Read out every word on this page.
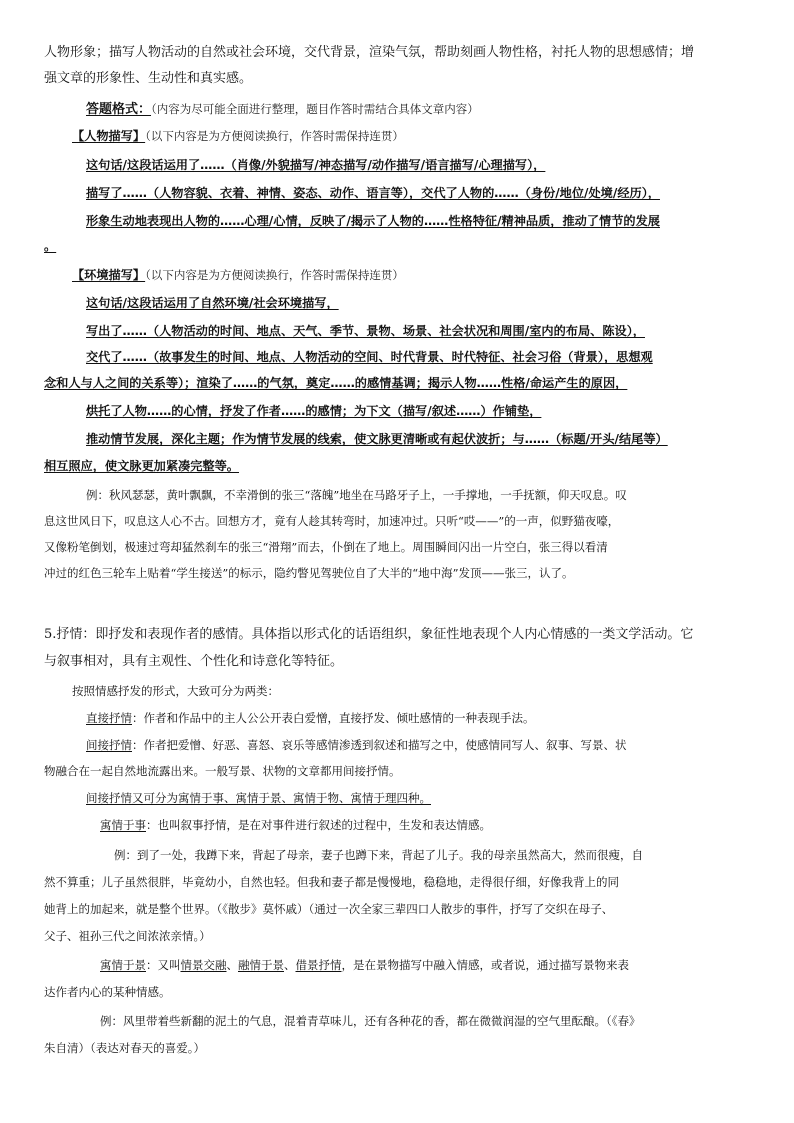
人物形象；描写人物活动的自然或社会环境，交代背景，渲染气氛，帮助刻画人物性格，衬托人物的思想感情；增
强文章的形象性、生动性和真实感。
答题格式：（内容为尽可能全面进行整理，题目作答时需结合具体文章内容）
【人物描写】（以下内容是为方便阅读换行，作答时需保持连贯）
这句话/这段话运用了……（肖像/外貌描写/神态描写/动作描写/语言描写/心理描写），
描写了……（人物容貌、衣着、神情、姿态、动作、语言等），交代了人物的……（身份/地位/处境/经历），
形象生动地表现出人物的……心理/心情，反映了/揭示了人物的……性格特征/精神品质，推动了情节的发展
。
【环境描写】（以下内容是为方便阅读换行，作答时需保持连贯）
这句话/这段话运用了自然环境/社会环境描写，
写出了……（人物活动的时间、地点、天气、季节、景物、场景、社会状况和周围/室内的布局、陈设），
交代了……（故事发生的时间、地点、人物活动的空间、时代背景、时代特征、社会习俗（背景），思想观
念和人与人之间的关系等）；渲染了……的气氛，奠定……的感情基调；揭示人物……性格/命运产生的原因，
烘托了人物……的心情，抒发了作者……的感情；为下文（描写/叙述……）作铺垫，
推动情节发展，深化主题；作为情节发展的线索，使文脉更清晰或有起伏波折；与……（标题/开头/结尾等）
相互照应，使文脉更加紧凑完整等。
例：秋风瑟瑟，黄叶飘飘，不幸滑倒的张三“落魄”地坐在马路牙子上，一手撑地，一手抚额，仰天叹息。叹
息这世风日下，叹息这人心不古。回想方才，竟有人趁其转弯时，加速冲过。只听“哎——”的一声，似野猫夜嚎，
又像粉笔倒划，极速过弯却猛然刹车的张三“滑翔”而去，仆倒在了地上。周围瞬间闪出一片空白，张三得以看清
冲过的红色三轮车上贴着“学生接送”的标示，隐约瞥见驾驶位自了大半的“地中海”发顶——张三，认了。
5.抒情：即抒发和表现作者的感情。具体指以形式化的话语组织，象征性地表现个人内心情感的一类文学活动。它
与叙事相对，具有主观性、个性化和诗意化等特征。
按照情感抒发的形式，大致可分为两类：
直接抒情：作者和作品中的主人公公开表白爱憎，直接抒发、倾吐感情的一种表现手法。
间接抒情：作者把爱憎、好恶、喜怒、哀乐等感情渗透到叙述和描写之中，使感情同写人、叙事、写景、状
物融合在一起自然地流露出来。一般写景、状物的文章都用间接抒情。
间接抒情又可分为寓情于事、寓情于景、寓情于物、寓情于理四种。
寓情于事：也叫叙事抒情，是在对事件进行叙述的过程中，生发和表达情感。
例：到了一处，我蹲下来，背起了母亲，妻子也蹲下来，背起了儿子。我的母亲虽然高大，然而很瘦，自
然不算重；儿子虽然很胖，毕竟幼小，自然也轻。但我和妻子都是慢慢地，稳稳地，走得很仔细，好像我背上的同
她背上的加起来，就是整个世界。（《散步》莫怀戚）（通过一次全家三辈四口人散步的事件，抒写了交织在母子、
父子、祖孙三代之间浓浓亲情。）
寓情于景：又叫情景交融、融情于景、借景抒情，是在景物描写中融入情感，或者说，通过描写景物来表
达作者内心的某种情感。
例：风里带着些新翻的泥土的气息，混着青草味儿，还有各种花的香，都在微微润湿的空气里酝酿。（《春》
朱自清）（表达对春天的喜爱。）
